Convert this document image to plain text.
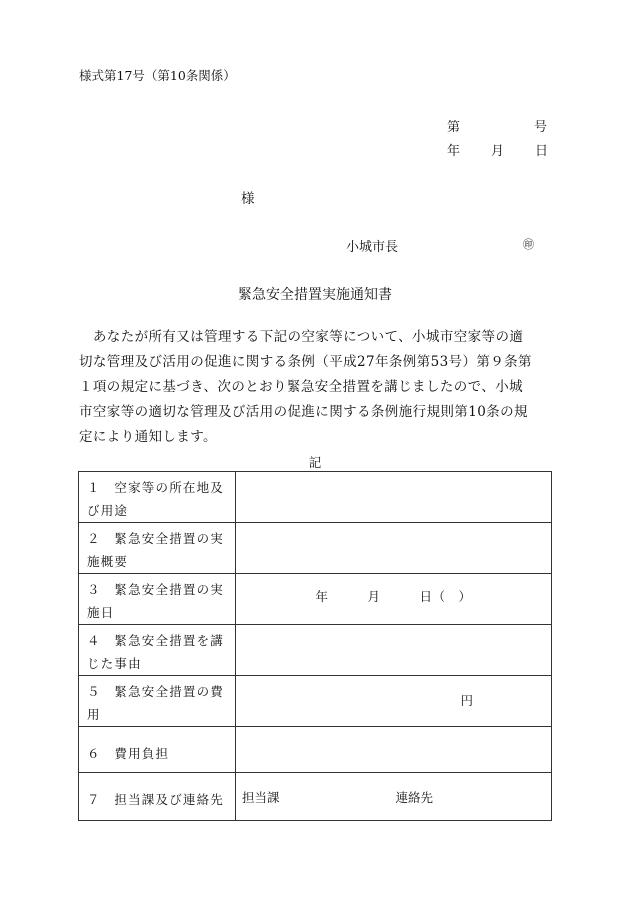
様式第17号（第10条関係）
第	号
年 月 日
様
小城市長	㊞
緊急安全措置実施通知書
　あなたが所有又は管理する下記の空家等について、小城市空家等の適
切な管理及び活用の促進に関する条例（平成27年条例第53号）第９条第
１項の規定に基づき、次のとおり緊急安全措置を講じましたので、小城
市空家等の適切な管理及び活用の促進に関する条例施行規則第10条の規
定により通知します。
記
１　空家等の所在地及
び用途	

２　緊急安全措置の実
施概要	

３　緊急安全措置の実
施日	年 月 日（　）

４　緊急安全措置を講
じた事由	

５　緊急安全措置の費
用	円

６　費用負担	

７　担当課及び連絡先	担当課 連絡先
